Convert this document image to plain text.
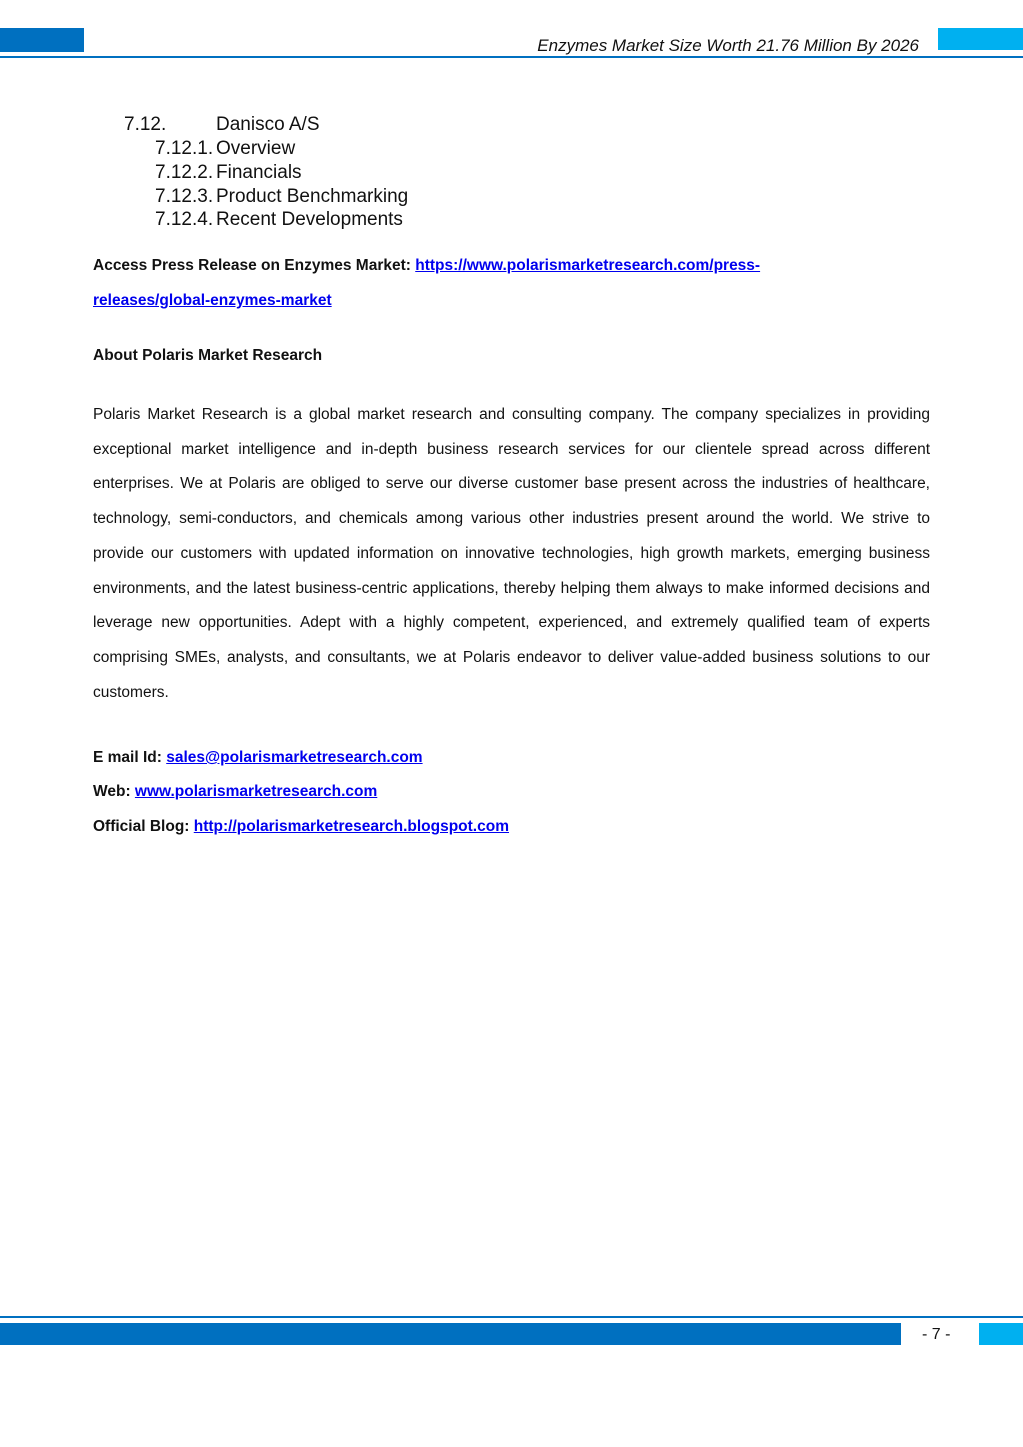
Enzymes Market Size Worth 21.76 Million By 2026
7.12.	Danisco A/S
7.12.1. Overview
7.12.2. Financials
7.12.3. Product Benchmarking
7.12.4. Recent Developments
Access Press Release on Enzymes Market: https://www.polarismarketresearch.com/press-
releases/global-enzymes-market
About Polaris Market Research
Polaris Market Research is a global market research and consulting company. The company specializes in providing exceptional market intelligence and in-depth business research services for our clientele spread across different enterprises. We at Polaris are obliged to serve our diverse customer base present across the industries of healthcare, technology, semi-conductors, and chemicals among various other industries present around the world. We strive to provide our customers with updated information on innovative technologies, high growth markets, emerging business environments, and the latest business-centric applications, thereby helping them always to make informed decisions and leverage new opportunities. Adept with a highly competent, experienced, and extremely qualified team of experts comprising SMEs, analysts, and consultants, we at Polaris endeavor to deliver value-added business solutions to our customers.
E mail Id: sales@polarismarketresearch.com
Web: www.polarismarketresearch.com
Official Blog: http://polarismarketresearch.blogspot.com
- 7 -
